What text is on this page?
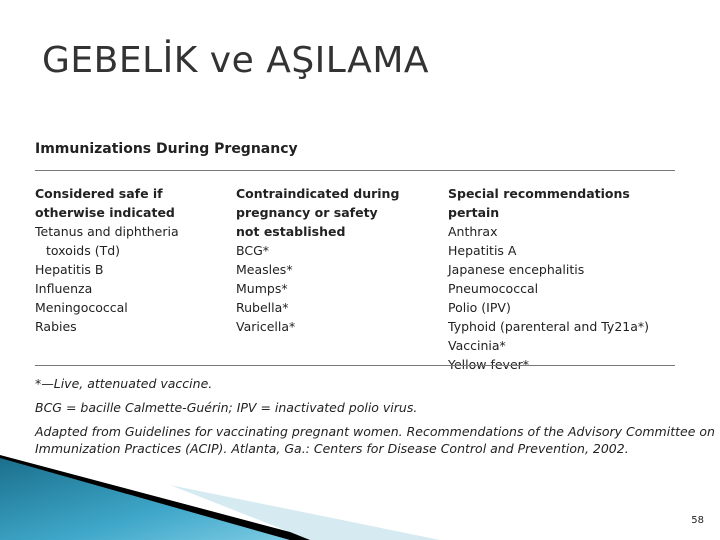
GEBELİK ve AŞILAMA
Immunizations During Pregnancy
Considered safe if
otherwise indicated
Tetanus and diphtheria
toxoids (Td)
Hepatitis B
Influenza
Meningococcal
Rabies
Contraindicated during
pregnancy or safety
not established
BCG*
Measles*
Mumps*
Rubella*
Varicella*
Special recommendations pertain
Anthrax
Hepatitis A
Japanese encephalitis
Pneumococcal
Polio (IPV)
Typhoid (parenteral and Ty21a*)
Vaccinia*
Yellow fever*
*—Live, attenuated vaccine.
BCG = bacille Calmette-Guérin; IPV = inactivated polio virus.
Adapted from Guidelines for vaccinating pregnant women. Recommendations of the Advisory Committee on
Immunization Practices (ACIP). Atlanta, Ga.: Centers for Disease Control and Prevention, 2002.
58
